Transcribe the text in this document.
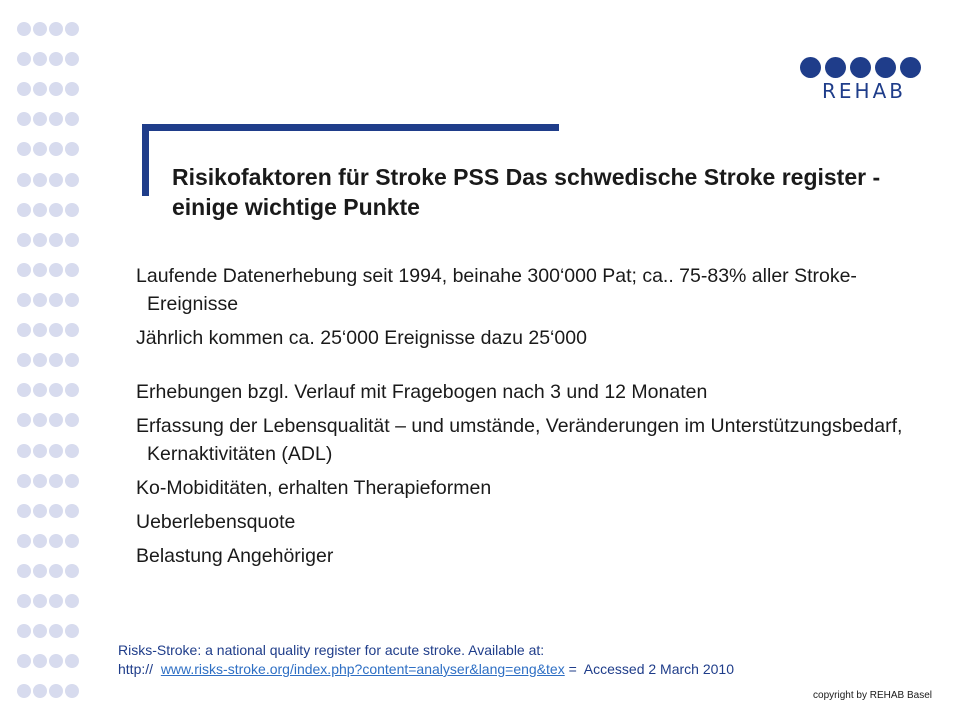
REHAB
Risikofaktoren für Stroke PSS Das schwedische Stroke register - einige wichtige Punkte

Laufende Datenerhebung seit 1994, beinahe 300‘000 Pat; ca.. 75-83% aller Stroke-Ereignisse

Jährlich kommen ca. 25‘000 Ereignisse dazu 25‘000

Erhebungen bzgl. Verlauf mit Fragebogen nach 3 und 12 Monaten

Erfassung der Lebensqualität – und umstände, Veränderungen im Unterstützungsbedarf, Kernaktivitäten (ADL)

Ko-Mobiditäten, erhalten Therapieformen

Ueberlebensquote

Belastung Angehöriger

Risks-Stroke: a national quality register for acute stroke. Available at:
http://  www.risks-stroke.org/index.php?content=analyser&lang=eng&tex =  Accessed 2 March 2010
copyright by REHAB Basel
